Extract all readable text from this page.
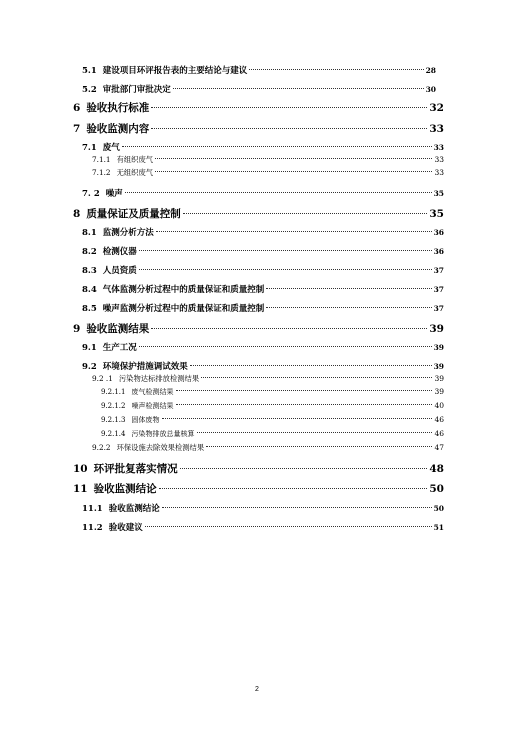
5.1 建设项目环评报告表的主要结论与建议	28
5.2 审批部门审批决定	30
6 验收执行标准	32
7 验收监测内容	33
7.1 废气	33
7.1.1 有组织废气	33
7.1.2 无组织废气	33
7. 2 噪声	35
8 质量保证及质量控制	35
8.1 监测分析方法	36
8.2 检测仪器	36
8.3 人员资质	37
8.4 气体监测分析过程中的质量保证和质量控制	37
8.5 噪声监测分析过程中的质量保证和质量控制	37
9 验收监测结果	39
9.1 生产工况	39
9.2 环境保护措施调试效果	39
9.2 .1 污染物达标排放检测结果	39
9.2.1.1 废气检测结果	39
9.2.1.2 噪声检测结果	40
9.2.1.3 固体废物	46
9.2.1.4 污染物排放总量核算	46
9.2.2 环保设施去除效果检测结果	47
10 环评批复落实情况	48
11 验收监测结论	50
11.1 验收监测结论	50
11.2 验收建议	51
2
